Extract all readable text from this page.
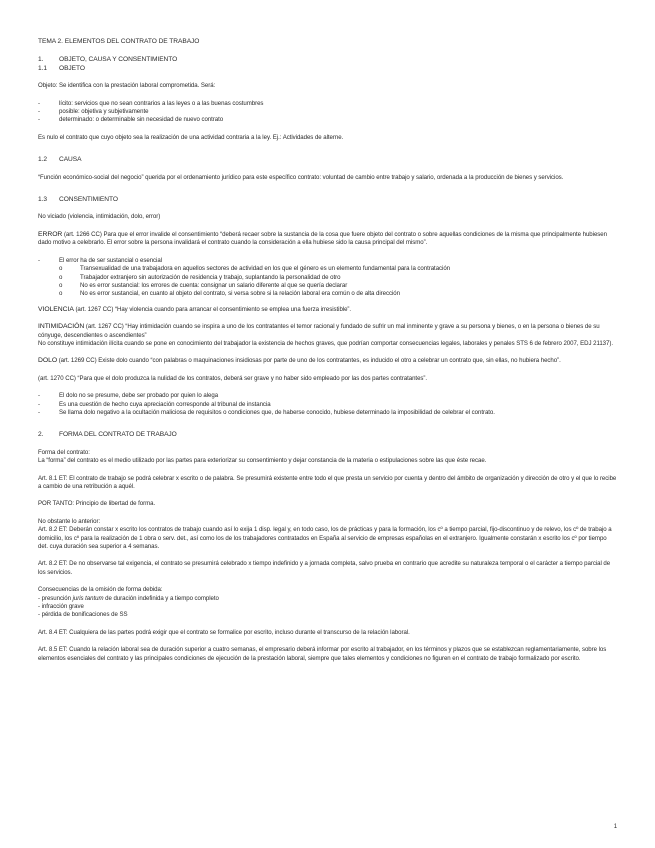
TEMA 2. ELEMENTOS DEL CONTRATO DE TRABAJO
1.	OBJETO, CAUSA Y CONSENTIMIENTO
1.1	OBJETO

Objeto: Se identifica con la prestación laboral comprometida. Será:

-	lícito: servicios que no sean contrarios a las leyes o a las buenas costumbres
-	posible: objetiva y subjetivamente
-	determinado: o determinable sin necesidad de nuevo contrato

Es nulo el contrato que cuyo objeto sea la realización de una actividad contraria a la ley. Ej.: Actividades de alterne.

1.2	CAUSA

“Función económico-social del negocio” querida por el ordenamiento jurídico para este específico contrato: voluntad de cambio entre trabajo y salario, ordenada a la producción de bienes y servicios.

1.3	CONSENTIMIENTO

No viciado (violencia, intimidación, dolo, error)

ERROR (art. 1266 CC) Para que el error invalide el consentimiento “deberá recaer sobre la sustancia de la cosa que fuere objeto del contrato o sobre aquellas condiciones de la misma que principalmente hubiesen dado motivo a celebrarlo. El error sobre la persona invalidará el contrato cuando la consideración a ella hubiese sido la causa principal del mismo”.

-	El error ha de ser sustancial o esencial
o	Transexualidad de una trabajadora en aquellos sectores de actividad en los que el género es un elemento fundamental para la contratación
o	Trabajador extranjero sin autorización de residencia y trabajo, suplantando la personalidad de otro
o	No es error sustancial: los errores de cuenta: consignar un salario diferente al que se quería declarar
o	No es error sustancial, en cuanto al objeto del contrato, si versa sobre si la relación laboral era común o de alta dirección

VIOLENCIA (art. 1267 CC) “Hay violencia cuando para arrancar el consentimiento se emplea una fuerza irresistible”.

INTIMIDACIÓN (art. 1267 CC) “Hay intimidación cuando se inspira a uno de los contratantes el temor racional y fundado de sufrir un mal inminente y grave a su persona y bienes, o en la persona o bienes de su cónyuge, descendientes o ascendientes”
No constituye intimidación ilícita cuando se pone en conocimiento del trabajador la existencia de hechos graves, que podrían comportar consecuencias legales, laborales y penales STS 6 de febrero 2007, EDJ 21137).

DOLO (art. 1269 CC) Existe dolo cuando “con palabras o maquinaciones insidiosas por parte de uno de los contratantes, es inducido el otro a celebrar un contrato que, sin ellas, no hubiera hecho”.

(art. 1270 CC) “Para que el dolo produzca la nulidad de los contratos, deberá ser grave y no haber sido empleado por las dos partes contratantes”.

-	El dolo no se presume, debe ser probado por quien lo alega
-	Es una cuestión de hecho cuya apreciación corresponde al tribunal de instancia
-	Se llama dolo negativo a la ocultación maliciosa de requisitos o condiciones que, de haberse conocido, hubiese determinado la imposibilidad de celebrar el contrato.
2.	FORMA DEL CONTRATO DE TRABAJO

Forma del contrato:
La “forma” del contrato es el medio utilizado por las partes para exteriorizar su consentimiento y dejar constancia de la materia o estipulaciones sobre las que éste recae.

Art. 8.1 ET: El contrato de trabajo se podrá celebrar x escrito o de palabra. Se presumirá existente entre todo el que presta un servicio por cuenta y dentro del ámbito de organización y dirección de otro y el que lo recibe a cambio de una retribución a aquél.

POR TANTO: Principio de libertad de forma.

No obstante lo anterior:
Art. 8.2 ET: Deberán constar x escrito los contratos de trabajo cuando así lo exija 1 disp. legal y, en todo caso, los de prácticas y para la formación, los cº a tiempo parcial, fijo-discontinuo y de relevo, los cº de trabajo a domicilio, los cº para la realización de 1 obra o serv. det., así como los de los trabajadores contratados en España al servicio de empresas españolas en el extranjero. Igualmente constarán x escrito los cº por tiempo det. cuya duración sea superior a 4 semanas.

Art. 8.2 ET: De no observarse tal exigencia, el contrato se presumirá celebrado x tiempo indefinido y a jornada completa, salvo prueba en contrario que acredite su naturaleza temporal o el carácter a tiempo parcial de los servicios.

Consecuencias de la omisión de forma debida:
- presunción juris tantum de duración indefinida y a tiempo completo
- infracción grave
- pérdida de bonificaciones de SS

Art. 8.4 ET: Cualquiera de las partes podrá exigir que el contrato se formalice por escrito, incluso durante el transcurso de la relación laboral.

Art. 8.5 ET: Cuando la relación laboral sea de duración superior a cuatro semanas, el empresario deberá informar por escrito al trabajador, en los términos y plazos que se establezcan reglamentariamente, sobre los elementos esenciales del contrato y las principales condiciones de ejecución de la prestación laboral, siempre que tales elementos y condiciones no figuren en el contrato de trabajo formalizado por escrito.

1
